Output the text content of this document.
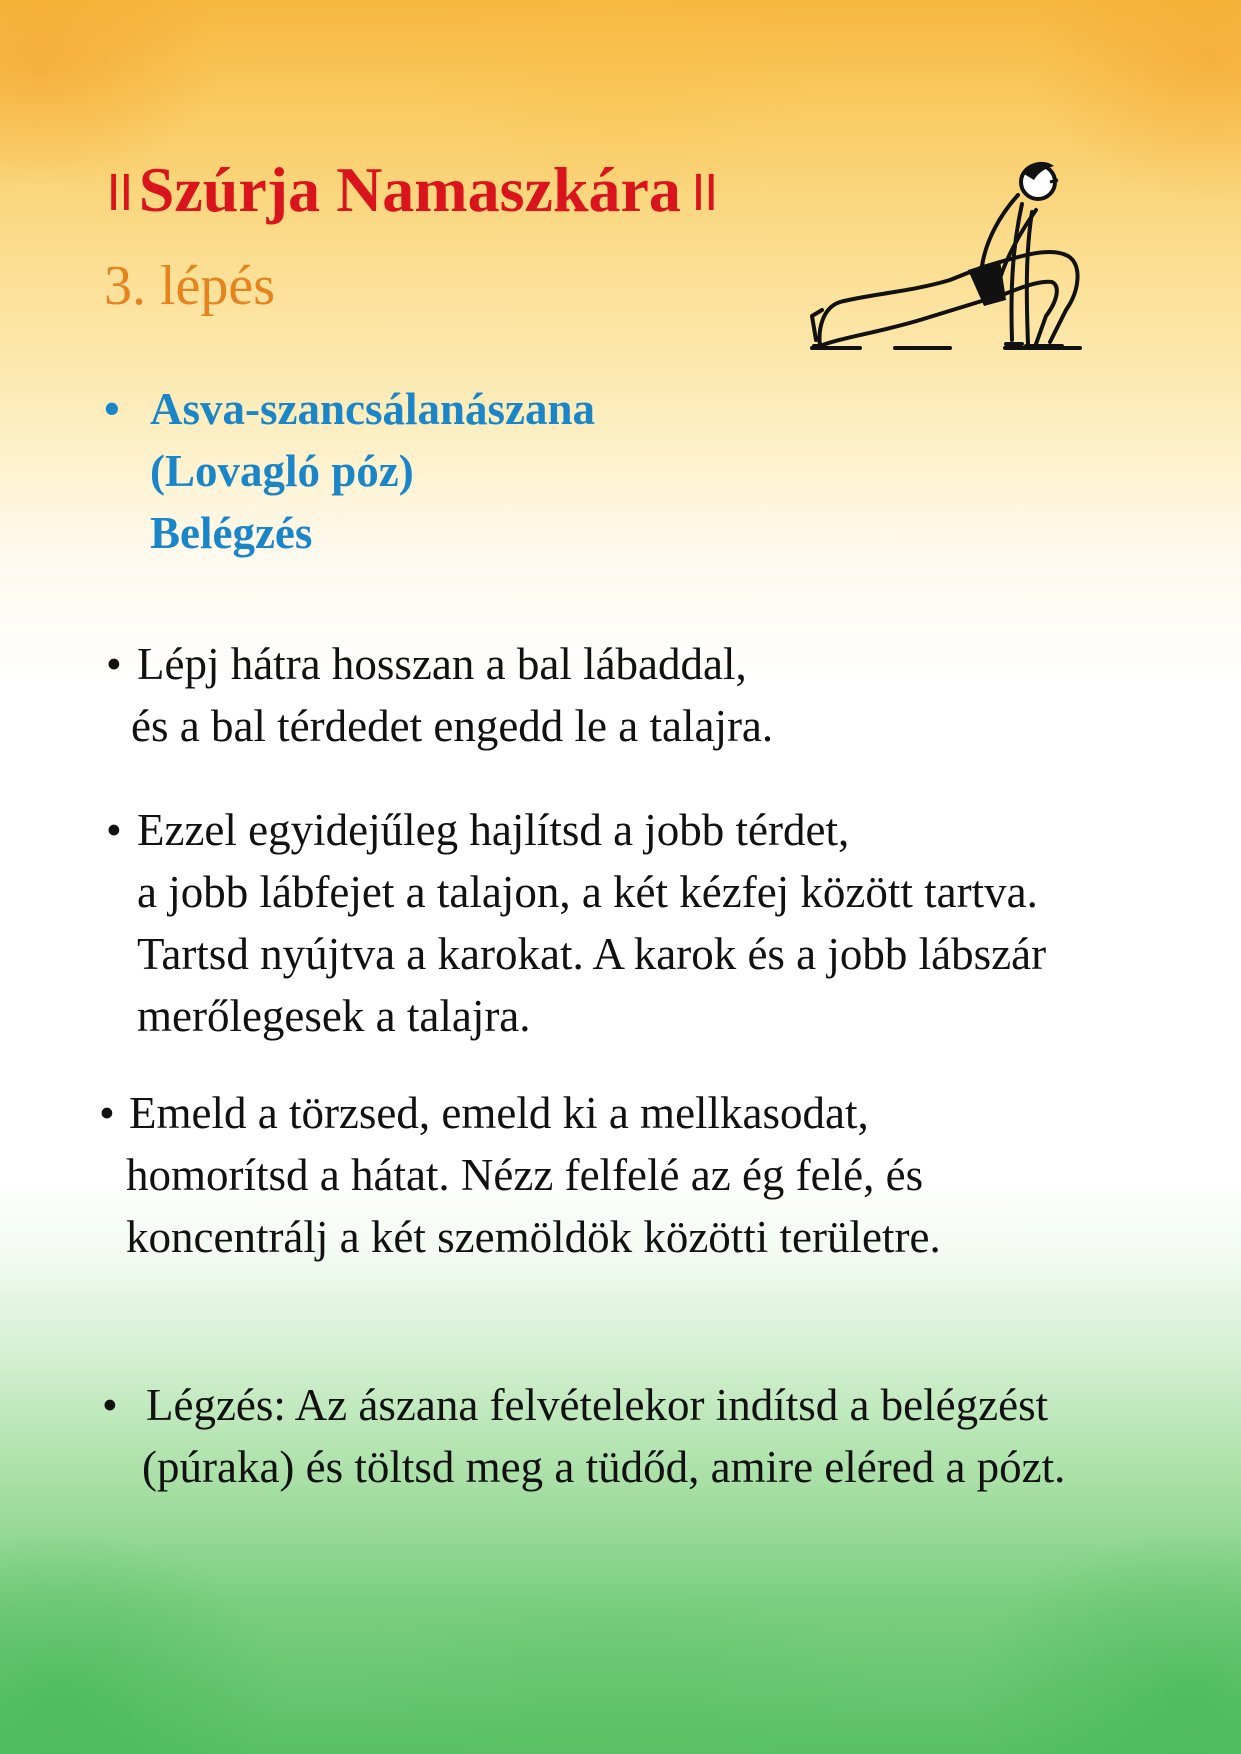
॥ Szúrja Namaszkára ॥
3. lépés
• Asva-szancsálanászana
(Lovagló póz)
Belégzés
• Lépj hátra hosszan a bal lábaddal,
és a bal térdedet engedd le a talajra.
• Ezzel egyidejűleg hajlítsd a jobb térdet,
a jobb lábfejet a talajon, a két kézfej között tartva.
Tartsd nyújtva a karokat. A karok és a jobb lábszár
merőlegesek a talajra.
• Emeld a törzsed, emeld ki a mellkasodat,
homorítsd a hátat. Nézz felfelé az ég felé, és
koncentrálj a két szemöldök közötti területre.
• Légzés: Az ászana felvételekor indítsd a belégzést
(púraka) és töltsd meg a tüdőd, amire eléred a pózt.
